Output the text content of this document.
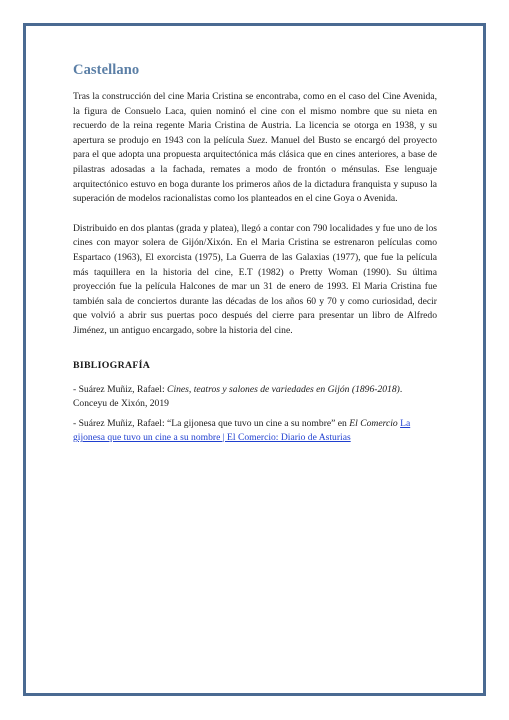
Castellano

Tras la construcción del cine Maria Cristina se encontraba, como en el caso del Cine Avenida, la figura de Consuelo Laca, quien nominó el cine con el mismo nombre que su nieta en recuerdo de la reina regente Maria Cristina de Austria. La licencia se otorga en 1938, y su apertura se produjo en 1943 con la película Suez. Manuel del Busto se encargó del proyecto para el que adopta una propuesta arquitectónica más clásica que en cines anteriores, a base de pilastras adosadas a la fachada, remates a modo de frontón o ménsulas. Ese lenguaje arquitectónico estuvo en boga durante los primeros años de la dictadura franquista y supuso la superación de modelos racionalistas como los planteados en el cine Goya o Avenida.

Distribuido en dos plantas (grada y platea), llegó a contar con 790 localidades y fue uno de los cines con mayor solera de Gijón/Xixón. En el Maria Cristina se estrenaron películas como Espartaco (1963), El exorcista (1975), La Guerra de las Galaxias (1977), que fue la película más taquillera en la historia del cine, E.T (1982) o Pretty Woman (1990). Su última proyección fue la película Halcones de mar un 31 de enero de 1993. El Maria Cristina fue también sala de conciertos durante las décadas de los años 60 y 70 y como curiosidad, decir que volvió a abrir sus puertas poco después del cierre para presentar un libro de Alfredo Jiménez, un antiguo encargado, sobre la historia del cine.

BIBLIOGRAFÍA

- Suárez Muñiz, Rafael: Cines, teatros y salones de variedades en Gijón (1896-2018). Conceyu de Xixón, 2019

- Suárez Muñiz, Rafael: “La gijonesa que tuvo un cine a su nombre” en El Comercio La gijonesa que tuvo un cine a su nombre | El Comercio: Diario de Asturias
